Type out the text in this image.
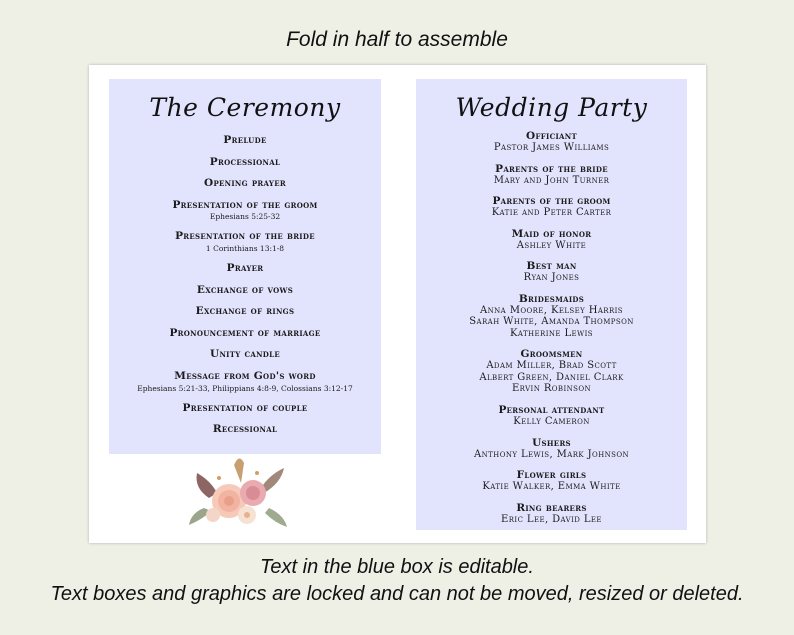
Fold in half to assemble
The Ceremony
Prelude
Processional
Opening prayer
Presentation of the groom
Ephesians 5:25-32
Presentation of the bride
1 Corinthians 13:1-8
Prayer
Exchange of vows
Exchange of rings
Pronouncement of marriage
Unity candle
Message from God's word
Ephesians 5:21-33, Philippians 4:8-9, Colossians 3:12-17
Presentation of couple
Recessional
Wedding Party
Officiant
Pastor James Williams
Parents of the bride
Mary and John Turner
Parents of the groom
Katie and Peter Carter
Maid of honor
Ashley White
Best man
Ryan Jones
Bridesmaids
Anna Moore, Kelsey Harris
Sarah White, Amanda Thompson
Katherine Lewis
Groomsmen
Adam Miller, Brad Scott
Albert Green, Daniel Clark
Ervin Robinson
Personal attendant
Kelly Cameron
Ushers
Anthony Lewis, Mark Johnson
Flower girls
Katie Walker, Emma White
Ring bearers
Eric Lee, David Lee
Text in the blue box is editable.
Text boxes and graphics are locked and can not be moved, resized or deleted.
